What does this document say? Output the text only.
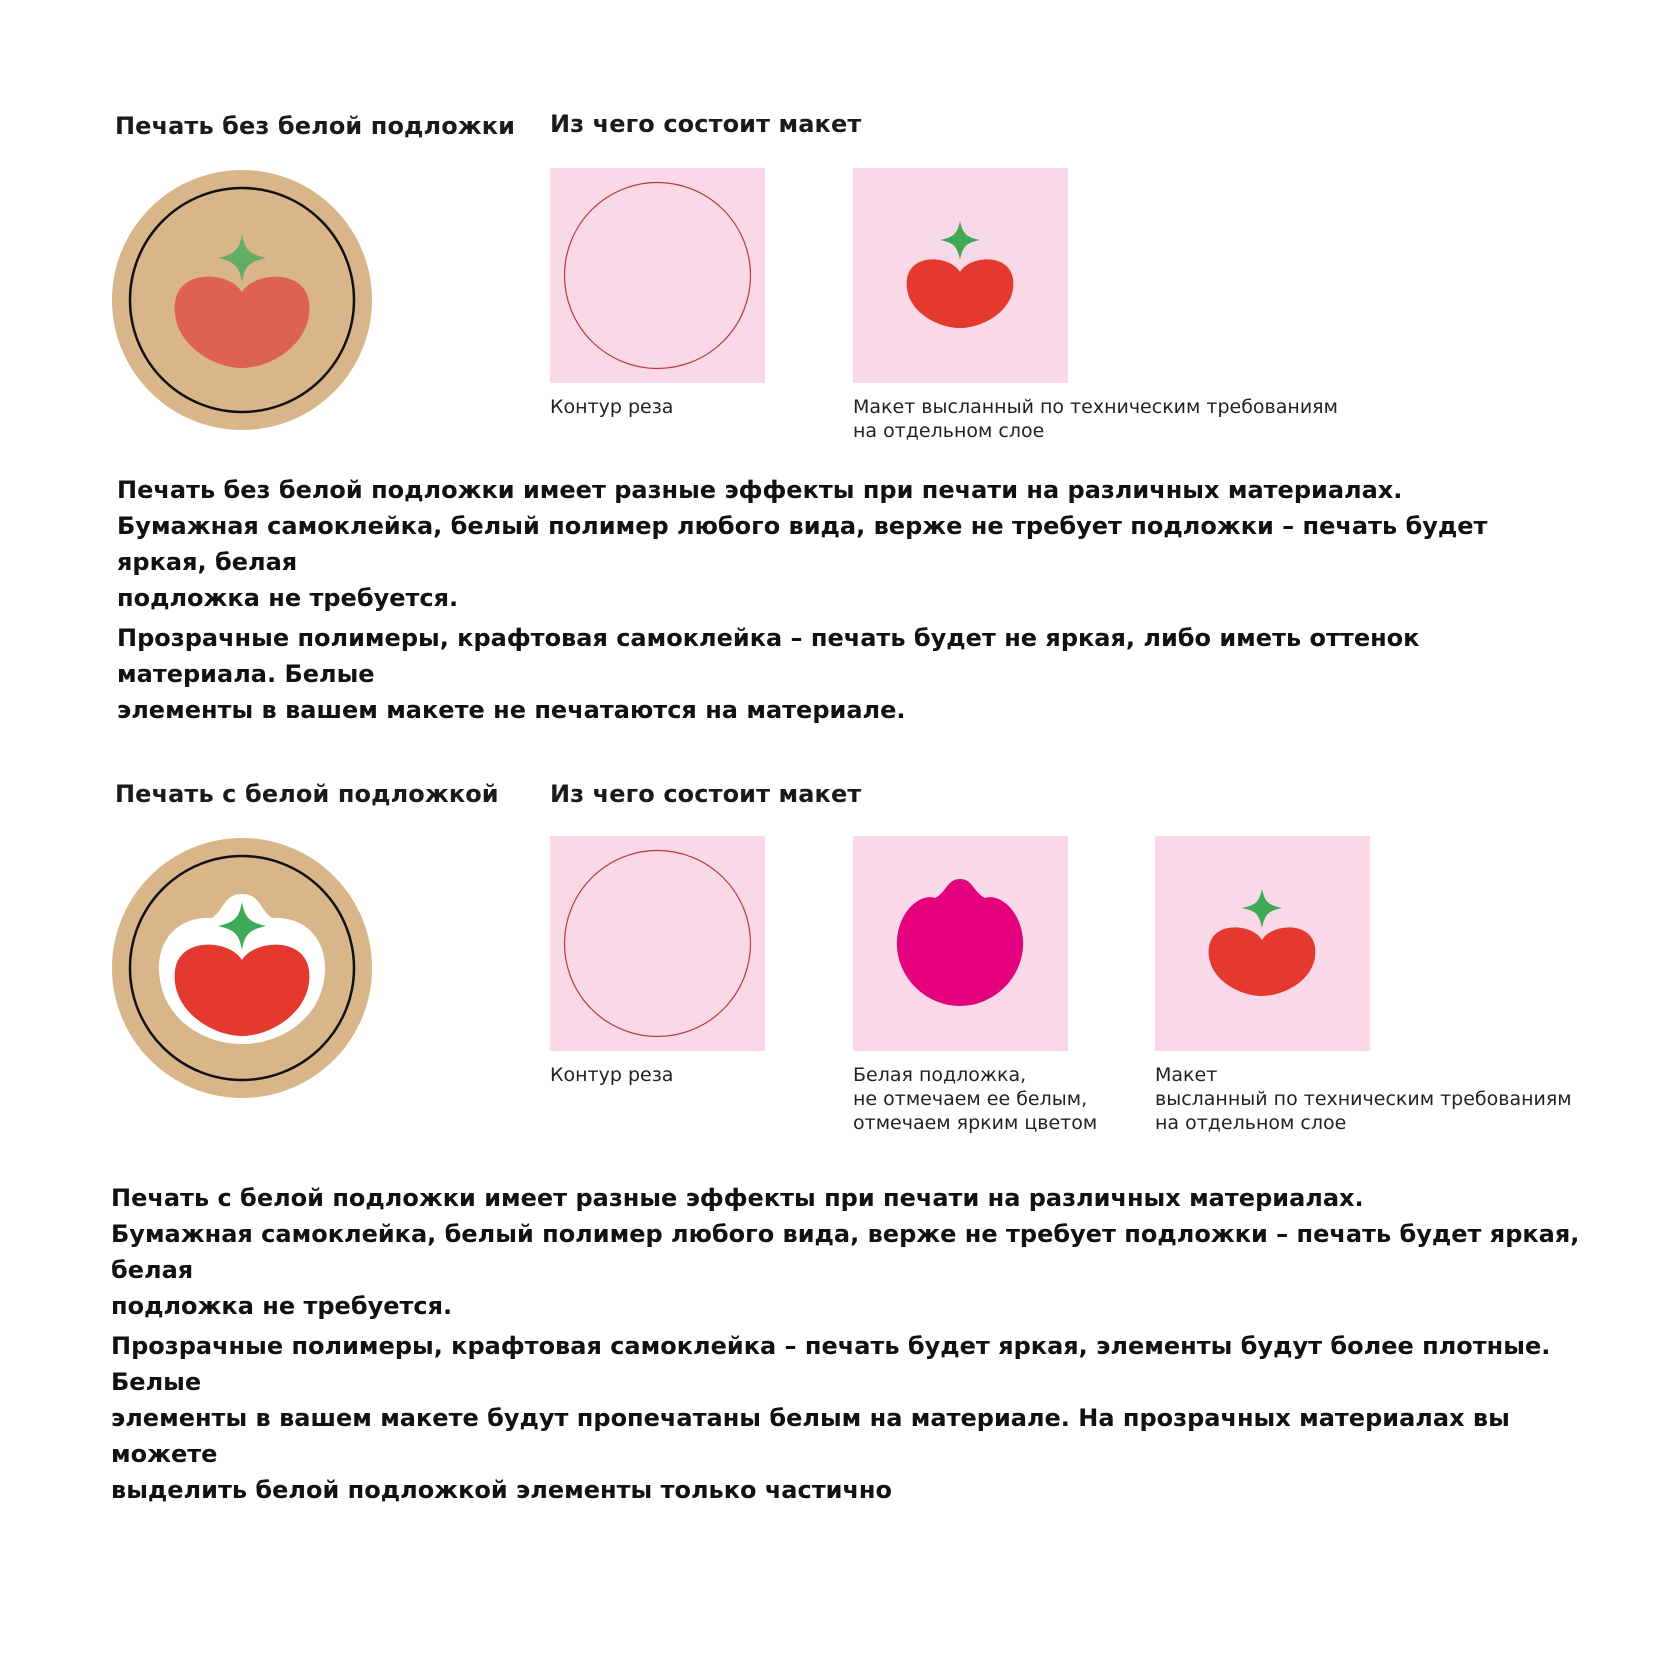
Печать без белой подложки Из чего состоит макет
Контур реза	Макет высланный по техническим требованиям
на отдельном слое
Печать без белой подложки имеет разные эффекты при печати на различных материалах.
Бумажная самоклейка, белый полимер любого вида, верже не требует подложки – печать будет яркая, белая
подложка не требуется.
Прозрачные полимеры, крафтовая самоклейка – печать будет не яркая, либо иметь оттенок материала. Белые
элементы в вашем макете не печатаются на материале.
Печать с белой подложкой Из чего состоит макет
Контур реза	Белая подложка,
не отмечаем ее белым,
отмечаем ярким цветом
Макет
высланный по техническим требованиям
на отдельном слое
Печать с белой подложки имеет разные эффекты при печати на различных материалах.
Бумажная самоклейка, белый полимер любого вида, верже не требует подложки – печать будет яркая, белая
подложка не требуется.
Прозрачные полимеры, крафтовая самоклейка – печать будет яркая, элементы будут более плотные. Белые
элементы в вашем макете будут пропечатаны белым на материале. На прозрачных материалах вы можете
выделить белой подложкой элементы только частично
